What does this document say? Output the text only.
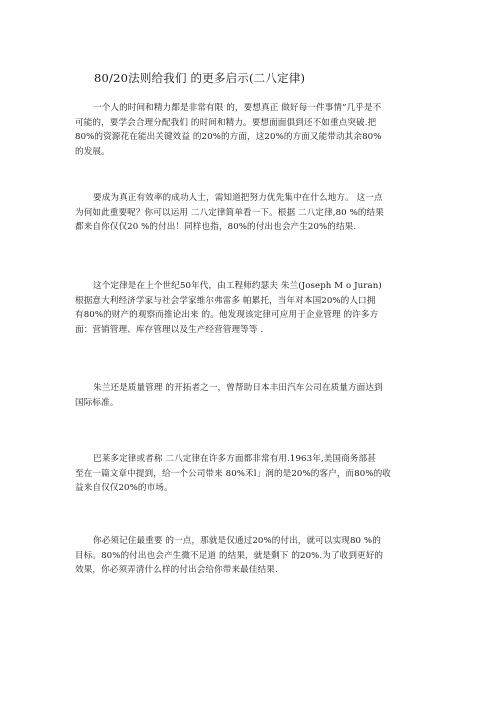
80/20法则给我们 的更多启示(二八定律)
一个人的时间和精力都是非常有限 的，要想真正 做好每一件事情”几乎是不
可能的，要学会合理分配我们 的时间和精力。要想面面俱到还不如重点突破.把
80%的资源花在能出关键效益 的20%的方面，这20%的方面又能带动其余80%
的发展。
要成为真正有效率的成功人士，需知道把努力优先集中在什么地方。 这一点
为何如此重要呢？你可以运用 二八定律简单看一下。根据 二八定律,80 %的结果
都来自你仅仅20 %的付出！同样也指，80%的付出也会产生20%的结果.
这个定律是在上个世纪50年代，由工程师约瑟夫 朱兰(Joseph M o Juran)
根据意大利经济学家与社会学家维尔弗雷多 帕累托，当年对本国20%的人口拥
有80%的财产的观察而推论出来 的。他发现该定律可应用于企业管理 的许多方
面：营销管理、库存管理以及生产经营管理等等 .
朱兰还是质量管理 的开拓者之一，曾帮助日本丰田汽车公司在质量方面达到
国际标准。
巴莱多定律或者称 二八定律在许多方面都非常有用.1963年,美国商务部甚
至在一篇文章中提到，给一个公司带来 80%禾l」润的是20%的客户，而80%的收
益来自仅仅20%的市场。
你必须记住最重要 的一点，那就是仅通过20%的付出，就可以实现80 %的
目标。80%的付出也会产生微不足道 的结果，就是剩下 的20%.为了收到更好的
效果，你必须弄清什么样的付出会给你带来最佳结果.
